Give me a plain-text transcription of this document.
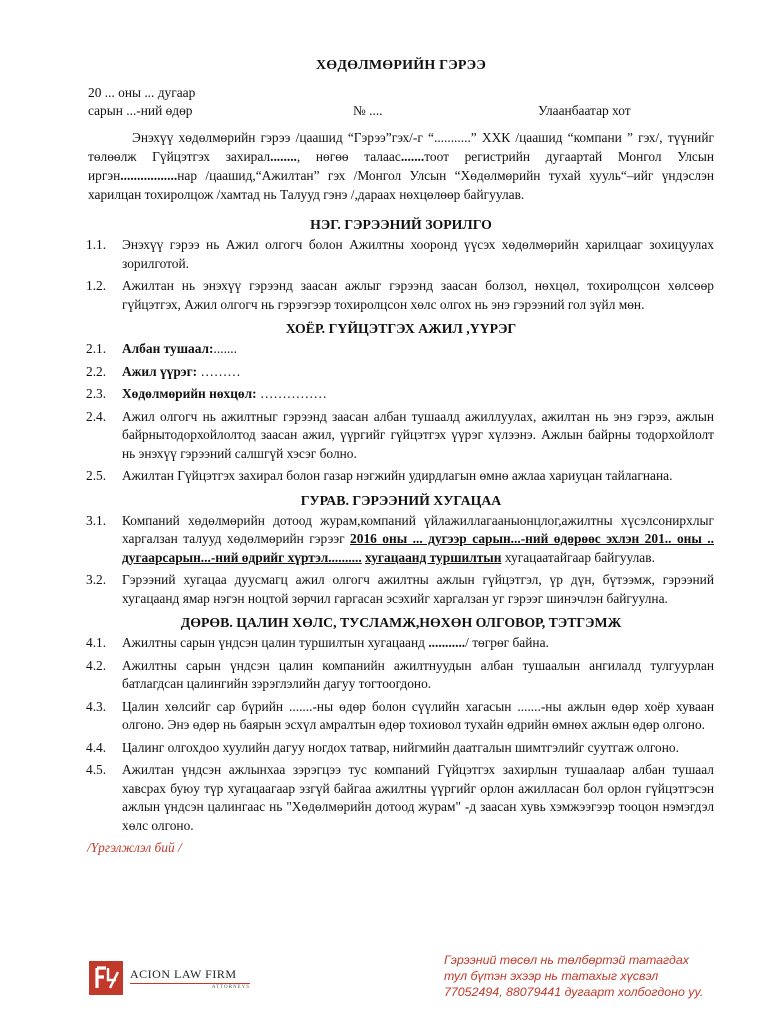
ХӨДӨЛМӨРИЙН ГЭРЭЭ
20 ... оны ... дугаар
сарын ...-ний өдөр	№ ....	Улаанбаатар хот
Энэхүү хөдөлмөрийн гэрээ /цаашид “Гэрээ”гэх/-г “...........” ХХК /цаашид “компани ” гэх/, түүнийг төлөөлж Гүйцэтгэх захирал........, нөгөө талаас.......тоот регистрийн дугаартай Монгол Улсын иргэн.................нар /цаашид,“Ажилтан” гэх /Монгол Улсын “Хөдөлмөрийн тухай хууль“–ийг үндэслэн харилцан тохиролцож /хамтад нь Талууд гэнэ /,дараах нөхцөлөөр байгуулав.
НЭГ. ГЭРЭЭНИЙ ЗОРИЛГО
1.1.	Энэхүү гэрээ нь Ажил олгогч болон Ажилтны хооронд үүсэх хөдөлмөрийн харилцааг зохицуулах зорилготой.
1.2.	Ажилтан нь энэхүү гэрээнд заасан ажлыг гэрээнд заасан болзол, нөхцөл, тохиролцсон хөлсөөр гүйцэтгэх, Ажил олгогч нь гэрээгээр тохиролцсон хөлс олгох нь энэ гэрээний гол зүйл мөн.
ХОЁР. ГҮЙЦЭТГЭХ АЖИЛ ,ҮҮРЭГ
2.1.	Албан тушаал:.......
2.2.	Ажил үүрэг: ………
2.3.	Хөдөлмөрийн нөхцөл: ……………
2.4.	Ажил олгогч нь ажилтныг гэрээнд заасан албан тушаалд ажиллуулах, ажилтан нь энэ гэрээ, ажлын байрнытодорхойлолтод заасан ажил, үүргийг гүйцэтгэх үүрэг хүлээнэ. Ажлын байрны тодорхойлолт нь энэхүү гэрээний салшгүй хэсэг болно.
2.5.	Ажилтан Гүйцэтгэх захирал болон газар нэгжийн удирдлагын өмнө ажлаа хариуцан тайлагнана.
ГУРАВ. ГЭРЭЭНИЙ ХУГАЦАА
3.1.	Компаний хөдөлмөрийн дотоод журам,компаний үйлажиллагааныонцлог,ажилтны хүсэлсонирхлыг харгалзан талууд хөдөлмөрийн гэрээг 2016 оны ... дугээр сарын...-ний өдөрөөс эхлэн 201.. оны .. дугаарсарын...-ний өдрийг хүртэл.......... хугацаанд туршилтын хугацаатайгаар байгуулав.
3.2.	Гэрээний хугацаа дуусмагц ажил олгогч ажилтны ажлын гүйцэтгэл, үр дүн, бүтээмж, гэрээний хугацаанд ямар нэгэн ноцтой зөрчил гаргасан эсэхийг харгалзан уг гэрээг шинэчлэн байгуулна.
ДӨРӨВ. ЦАЛИН ХӨЛС, ТУСЛАМЖ,НӨХӨН ОЛГОВОР, ТЭТГЭМЖ
4.1.	Ажилтны сарын үндсэн цалин туршилтын хугацаанд .........../ төгрөг байна.
4.2.	Ажилтны сарын үндсэн цалин компанийн ажилтнуудын албан тушаалын ангилалд тулгуурлан батлагдсан цалингийн зэрэглэлийн дагуу тогтоогдоно.
4.3.	Цалин хөлсийг сар бүрийн .......-ны өдөр болон сүүлийн хагасын .......-ны ажлын өдөр хоёр хуваан олгоно. Энэ өдөр нь баярын эсхүл амралтын өдөр тохиовол тухайн өдрийн өмнөх ажлын өдөр олгоно.
4.4.	Цалинг олгохдоо хуулийн дагуу ногдох татвар, нийгмийн даатгалын шимтгэлийг суутгаж олгоно.
4.5.	Ажилтан үндсэн ажлынхаа зэрэгцээ тус компаний Гүйцэтгэх захирлын тушаалаар албан тушаал хавсрах буюу түр хугацаагаар эзгүй байгаа ажилтны үүргийг орлон ажилласан бол орлон гүйцэтгэсэн ажлын үндсэн цалингаас нь "Хөдөлмөрийн дотоод журам" -д заасан хувь хэмжээгээр тооцон нэмэгдэл хөлс олгоно.
/Үргэлжлэл бий /
ACION LAW FIRM
ATTORNEYS
Гэрээний төсөл нь төлбөртэй татагдах
тул бүтэн эхээр нь татахыг хүсвэл
77052494, 88079441 дугаарт холбогдоно уу.
